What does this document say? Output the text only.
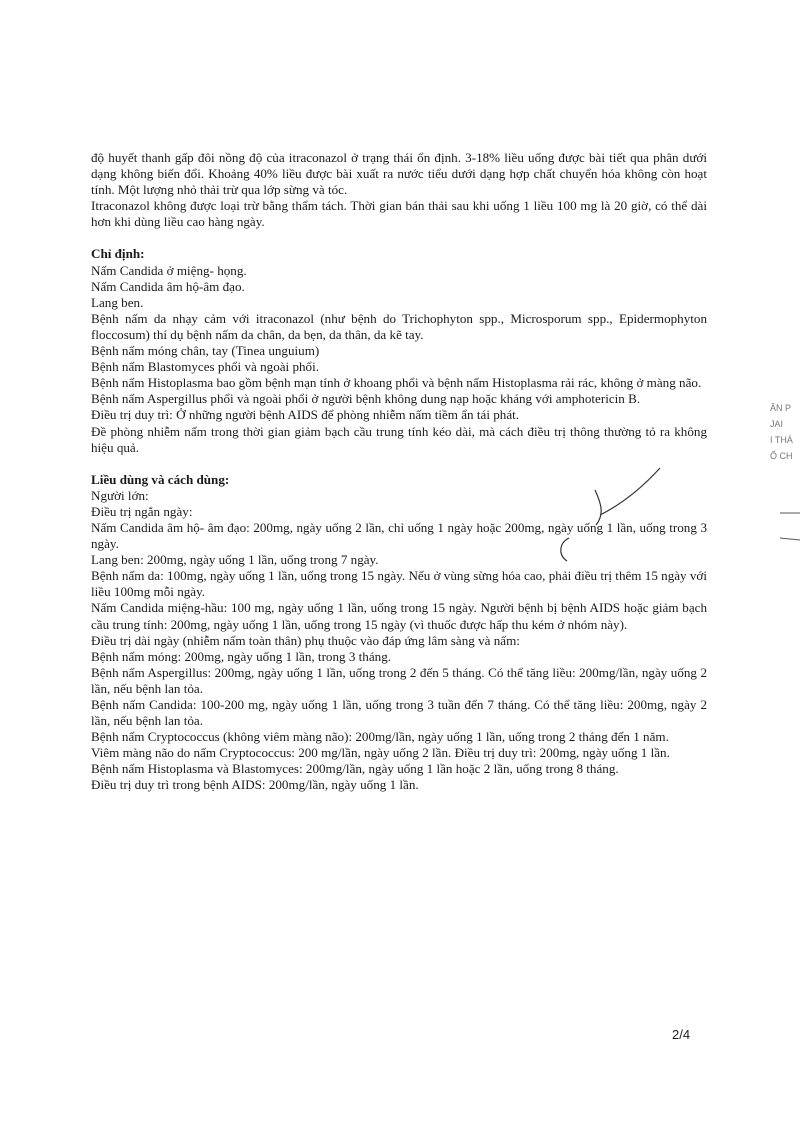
độ huyết thanh gấp đôi nồng độ của itraconazol ở trạng thái ổn định. 3-18% liều uống được bài tiết qua phân dưới dạng không biến đổi. Khoảng 40% liều được bài xuất ra nước tiểu dưới dạng hợp chất chuyển hóa không còn hoạt tính. Một lượng nhỏ thải trừ qua lớp sừng và tóc.

Itraconazol không được loại trừ bằng thẩm tách. Thời gian bán thải sau khi uống 1 liều 100 mg là 20 giờ, có thể dài hơn khi dùng liều cao hàng ngày.

Chỉ định:

Nấm Candida ở miệng- họng.

Nấm Candida âm hộ-âm đạo.

Lang ben.

Bệnh nấm da nhạy cảm với itraconazol (như bệnh do Trichophyton spp., Microsporum spp., Epidermophyton floccosum) thí dụ bệnh nấm da chân, da bẹn, da thân, da kẽ tay.

Bệnh nấm móng chân, tay (Tinea unguium)

Bệnh nấm Blastomyces phổi và ngoài phổi.

Bệnh nấm Histoplasma bao gồm bệnh mạn tính ở khoang phổi và bệnh nấm Histoplasma rải rác, không ở màng não.

Bệnh nấm Aspergillus phổi và ngoài phổi ở người bệnh không dung nạp hoặc kháng với amphotericin B.

Điều trị duy trì: Ở những người bệnh AIDS để phòng nhiễm nấm tiềm ẩn tái phát.

Đề phòng nhiễm nấm trong thời gian giảm bạch cầu trung tính kéo dài, mà cách điều trị thông thường tỏ ra không hiệu quả.

Liều dùng và cách dùng:

Người lớn:

Điều trị ngắn ngày:

Nấm Candida âm hộ- âm đạo: 200mg, ngày uống 2 lần, chỉ uống 1 ngày hoặc 200mg, ngày uống 1 lần, uống trong 3 ngày.

Lang ben: 200mg, ngày uống 1 lần, uống trong 7 ngày.

Bệnh nấm da: 100mg, ngày uống 1 lần, uống trong 15 ngày. Nếu ở vùng sừng hóa cao, phải điều trị thêm 15 ngày với liều 100mg mỗi ngày.

Nấm Candida miệng-hầu: 100 mg, ngày uống 1 lần, uống trong 15 ngày. Người bệnh bị bệnh AIDS hoặc giảm bạch cầu trung tính: 200mg, ngày uống 1 lần, uống trong 15 ngày (vì thuốc được hấp thu kém ở nhóm này).

Điều trị dài ngày (nhiễm nấm toàn thân) phụ thuộc vào đáp ứng lâm sàng và nấm:

Bệnh nấm móng: 200mg, ngày uống 1 lần, trong 3 tháng.

Bệnh nấm Aspergillus: 200mg, ngày uống 1 lần, uống trong 2 đến 5 tháng. Có thể tăng liều: 200mg/lần, ngày uống 2 lần, nếu bệnh lan tỏa.

Bệnh nấm Candida: 100-200 mg, ngày uống 1 lần, uống trong 3 tuần đến 7 tháng. Có thể tăng liều: 200mg, ngày 2 lần, nếu bệnh lan tỏa.

Bệnh nấm Cryptococcus (không viêm màng não): 200mg/lần, ngày uống 1 lần, uống trong 2 tháng đến 1 năm.

Viêm màng não do nấm Cryptococcus: 200 mg/lần, ngày uống 2 lần. Điều trị duy trì: 200mg, ngày uống 1 lần.

Bệnh nấm Histoplasma và Blastomyces: 200mg/lần, ngày uống 1 lần hoặc 2 lần, uống trong 8 tháng.

Điều trị duy trì trong bệnh AIDS: 200mg/lần, ngày uống 1 lần.

2/4
ÂN P
JẠI
I THÀ
Ố CH
